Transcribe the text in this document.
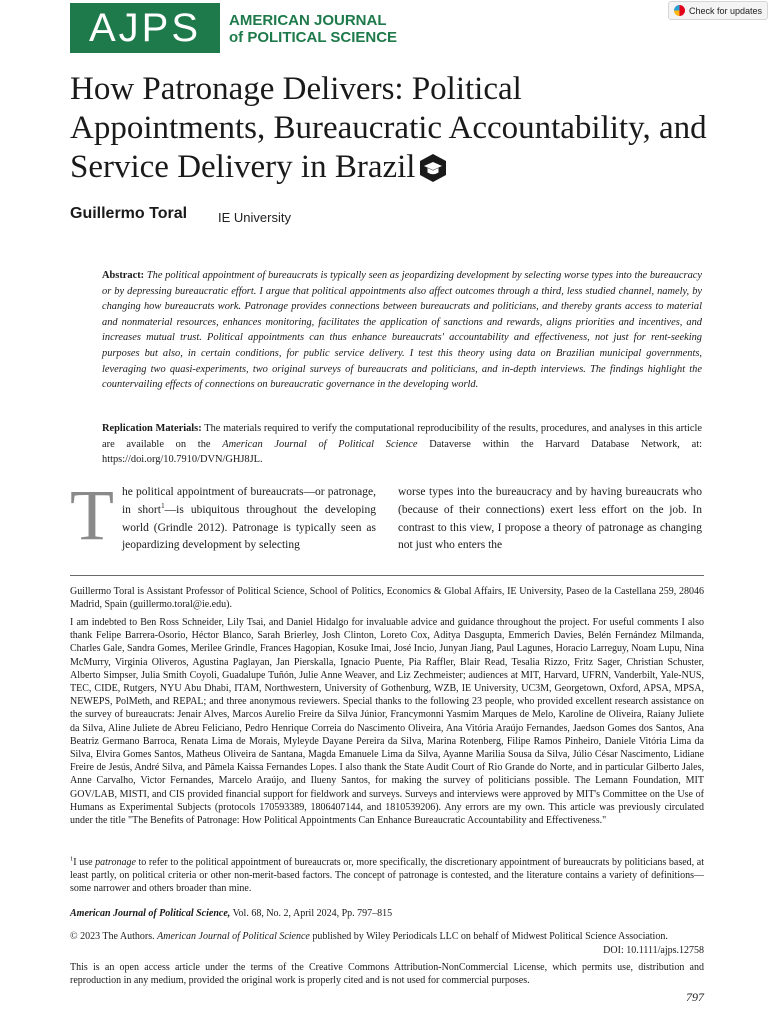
AJPS	AMERICAN JOURNAL
of POLITICAL SCIENCE
Check for updates
How Patronage Delivers: Political Appointments, Bureaucratic Accountability, and Service Delivery in Brazil
Guillermo Toral IE University
Abstract: The political appointment of bureaucrats is typically seen as jeopardizing development by selecting worse types into the bureaucracy or by depressing bureaucratic effort. I argue that political appointments also affect outcomes through a third, less studied channel, namely, by changing how bureaucrats work. Patronage provides connections between bureaucrats and politicians, and thereby grants access to material and nonmaterial resources, enhances monitoring, facilitates the application of sanctions and rewards, aligns priorities and incentives, and increases mutual trust. Political appointments can thus enhance bureaucrats' accountability and effectiveness, not just for rent-seeking purposes but also, in certain conditions, for public service delivery. I test this theory using data on Brazilian municipal governments, leveraging two quasi-experiments, two original surveys of bureaucrats and politicians, and in-depth interviews. The findings highlight the countervailing effects of connections on bureaucratic governance in the developing world.
Replication Materials: The materials required to verify the computational reproducibility of the results, procedures, and analyses in this article are available on the American Journal of Political Science Dataverse within the Harvard Database Network, at: https://doi.org/10.7910/DVN/GHJ8JL.
The political appointment of bureaucrats—or patronage, in short$^1$—is ubiquitous throughout the developing world (Grindle 2012). Patronage is typically seen as jeopardizing development by selecting
worse types into the bureaucracy and by having bureaucrats who (because of their connections) exert less effort on the job. In contrast to this view, I propose a theory of patronage as changing not just who enters the
Guillermo Toral is Assistant Professor of Political Science, School of Politics, Economics & Global Affairs, IE University, Paseo de la Castellana 259, 28046 Madrid, Spain (guillermo.toral@ie.edu).
I am indebted to Ben Ross Schneider, Lily Tsai, and Daniel Hidalgo for invaluable advice and guidance throughout the project. For useful comments I also thank Felipe Barrera-Osorio, Héctor Blanco, Sarah Brierley, Josh Clinton, Loreto Cox, Aditya Dasgupta, Emmerich Davies, Belén Fernández Milmanda, Charles Gale, Sandra Gomes, Merilee Grindle, Frances Hagopian, Kosuke Imai, José Incio, Junyan Jiang, Paul Lagunes, Horacio Larreguy, Noam Lupu, Nina McMurry, Virginia Oliveros, Agustina Paglayan, Jan Pierskalla, Ignacio Puente, Pia Raffler, Blair Read, Tesalia Rizzo, Fritz Sager, Christian Schuster, Alberto Simpser, Julia Smith Coyoli, Guadalupe Tuñón, Julie Anne Weaver, and Liz Zechmeister; audiences at MIT, Harvard, UFRN, Vanderbilt, Yale-NUS, TEC, CIDE, Rutgers, NYU Abu Dhabi, ITAM, Northwestern, University of Gothenburg, WZB, IE University, UC3M, Georgetown, Oxford, APSA, MPSA, NEWEPS, PolMeth, and REPAL; and three anonymous reviewers. Special thanks to the following 23 people, who provided excellent research assistance on the survey of bureaucrats: Jenair Alves, Marcos Aurelio Freire da Silva Júnior, Francymonni Yasmim Marques de Melo, Karoline de Oliveira, Raiany Juliete da Silva, Aline Juliete de Abreu Feliciano, Pedro Henrique Correia do Nascimento Oliveira, Ana Vitória Araújo Fernandes, Jaedson Gomes dos Santos, Ana Beatriz Germano Barroca, Renata Lima de Morais, Myleyde Dayane Pereira da Silva, Marina Rotenberg, Filipe Ramos Pinheiro, Daniele Vitória Lima da Silva, Elvira Gomes Santos, Matheus Oliveira de Santana, Magda Emanuele Lima da Silva, Ayanne Marilia Sousa da Silva, Júlio César Nascimento, Lidiane Freire de Jesús, André Silva, and Pâmela Kaissa Fernandes Lopes. I also thank the State Audit Court of Rio Grande do Norte, and in particular Gilberto Jales, Anne Carvalho, Victor Fernandes, Marcelo Araújo, and Ilueny Santos, for making the survey of politicians possible. The Lemann Foundation, MIT GOV/LAB, MISTI, and CIS provided financial support for fieldwork and surveys. Surveys and interviews were approved by MIT's Committee on the Use of Humans as Experimental Subjects (protocols 170593389, 1806407144, and 1810539206). Any errors are my own. This article was previously circulated under the title "The Benefits of Patronage: How Political Appointments Can Enhance Bureaucratic Accountability and Effectiveness."
$^1$I use patronage to refer to the political appointment of bureaucrats or, more specifically, the discretionary appointment of bureaucrats by politicians based, at least partly, on political criteria or other non-merit-based factors. The concept of patronage is contested, and the literature contains a variety of definitions—some narrower and others broader than mine.
American Journal of Political Science, Vol. 68, No. 2, April 2024, Pp. 797–815
© 2023 The Authors. American Journal of Political Science published by Wiley Periodicals LLC on behalf of Midwest Political Science Association.
DOI: 10.1111/ajps.12758
This is an open access article under the terms of the Creative Commons Attribution-NonCommercial License, which permits use, distribution and reproduction in any medium, provided the original work is properly cited and is not used for commercial purposes.
797
